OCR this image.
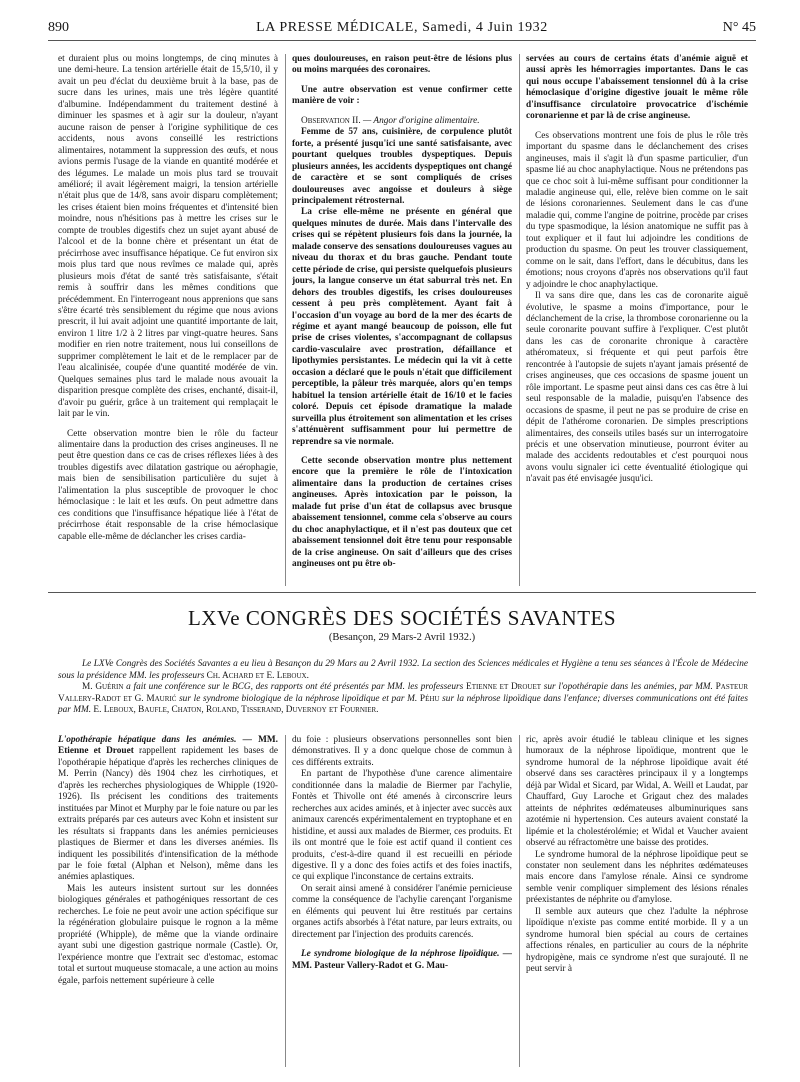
890	LA PRESSE MÉDICALE, Samedi, 4 Juin 1932	N° 45

et duraient plus ou moins longtemps, de cinq minutes à une demi-heure. La tension artérielle était de 15,5/10, il y avait un peu d'éclat du deuxième bruit à la base, pas de sucre dans les urines, mais une très légère quantité d'albumine. Indépendamment du traitement destiné à diminuer les spasmes et à agir sur la douleur, n'ayant aucune raison de penser à l'origine syphilitique de ces accidents, nous avons conseillé les restrictions alimentaires, notamment la suppression des œufs, et nous avions permis l'usage de la viande en quantité modérée et des légumes. Le malade un mois plus tard se trouvait amélioré; il avait légèrement maigri, la tension artérielle n'était plus que de 14/8, sans avoir disparu complètement; les crises étaient bien moins fréquentes et d'intensité bien moindre, nous n'hésitions pas à mettre les crises sur le compte de troubles digestifs chez un sujet ayant abusé de l'alcool et de la bonne chère et présentant un état de précirrhose avec insuffisance hépatique. Ce fut environ six mois plus tard que nous revîmes ce malade qui, après plusieurs mois d'état de santé très satisfaisante, s'était remis à souffrir dans les mêmes conditions que précédemment. En l'interrogeant nous apprenions que sans s'être écarté très sensiblement du régime que nous avions prescrit, il lui avait adjoint une quantité importante de lait, environ 1 litre 1/2 à 2 litres par vingt-quatre heures. Sans modifier en rien notre traitement, nous lui conseillons de supprimer complètement le lait et de le remplacer par de l'eau alcalinisée, coupée d'une quantité modérée de vin. Quelques semaines plus tard le malade nous avouait la disparition presque complète des crises, enchanté, disait-il, d'avoir pu guérir, grâce à un traitement qui remplaçait le lait par le vin.

Cette observation montre bien le rôle du facteur alimentaire dans la production des crises angineuses. Il ne peut être question dans ce cas de crises réflexes liées à des troubles digestifs avec dilatation gastrique ou aérophagie, mais bien de sensibilisation particulière du sujet à l'alimentation la plus susceptible de provoquer le choc hémoclasique : le lait et les œufs. On peut admettre dans ces conditions que l'insuffisance hépatique liée à l'état de précirrhose était responsable de la crise hémoclasique capable elle-même de déclancher les crises cardia-

ques douloureuses, en raison peut-être de lésions plus ou moins marquées des coronaires.

Une autre observation est venue confirmer cette manière de voir :

Observation II. — Angor d'origine alimentaire.

Femme de 57 ans, cuisinière, de corpulence plutôt forte, a présenté jusqu'ici une santé satisfaisante, avec pourtant quelques troubles dyspeptiques. Depuis plusieurs années, les accidents dyspeptiques ont changé de caractère et se sont compliqués de crises douloureuses avec angoisse et douleurs à siège principalement rétrosternal.

La crise elle-même ne présente en général que quelques minutes de durée. Mais dans l'intervalle des crises qui se répètent plusieurs fois dans la journée, la malade conserve des sensations douloureuses vagues au niveau du thorax et du bras gauche. Pendant toute cette période de crise, qui persiste quelquefois plusieurs jours, la langue conserve un état saburral très net. En dehors des troubles digestifs, les crises douloureuses cessent à peu près complètement. Ayant fait à l'occasion d'un voyage au bord de la mer des écarts de régime et ayant mangé beaucoup de poisson, elle fut prise de crises violentes, s'accompagnant de collapsus cardio-vasculaire avec prostration, défaillance et lipothymies persistantes. Le médecin qui la vit à cette occasion a déclaré que le pouls n'était que difficilement perceptible, la pâleur très marquée, alors qu'en temps habituel la tension artérielle était de 16/10 et le facies coloré. Depuis cet épisode dramatique la malade surveilla plus étroitement son alimentation et les crises s'atténuèrent suffisamment pour lui permettre de reprendre sa vie normale.

Cette seconde observation montre plus nettement encore que la première le rôle de l'intoxication alimentaire dans la production de certaines crises angineuses. Après intoxication par le poisson, la malade fut prise d'un état de collapsus avec brusque abaissement tensionnel, comme cela s'observe au cours du choc anaphylactique, et il n'est pas douteux que cet abaissement tensionnel doit être tenu pour responsable de la crise angineuse. On sait d'ailleurs que des crises angineuses ont pu être ob-

servées au cours de certains états d'anémie aiguë et aussi après les hémorragies importantes. Dans le cas qui nous occupe l'abaissement tensionnel dû à la crise hémoclasique d'origine digestive jouait le même rôle d'insuffisance circulatoire provocatrice d'ischémie coronarienne et par là de crise angineuse.

Ces observations montrent une fois de plus le rôle très important du spasme dans le déclanchement des crises angineuses, mais il s'agit là d'un spasme particulier, d'un spasme lié au choc anaphylactique. Nous ne prétendons pas que ce choc soit à lui-même suffisant pour conditionner la maladie angineuse qui, elle, relève bien comme on le sait de lésions coronariennes. Seulement dans le cas d'une maladie qui, comme l'angine de poitrine, procède par crises du type spasmodique, la lésion anatomique ne suffit pas à tout expliquer et il faut lui adjoindre les conditions de production du spasme. On peut les trouver classiquement, comme on le sait, dans l'effort, dans le décubitus, dans les émotions; nous croyons d'après nos observations qu'il faut y adjoindre le choc anaphylactique.

Il va sans dire que, dans les cas de coronarite aiguë évolutive, le spasme a moins d'importance, pour le déclanchement de la crise, la thrombose coronarienne ou la seule coronarite pouvant suffire à l'expliquer. C'est plutôt dans les cas de coronarite chronique à caractère athéromateux, si fréquente et qui peut parfois être rencontrée à l'autopsie de sujets n'ayant jamais présenté de crises angineuses, que ces occasions de spasme jouent un rôle important. Le spasme peut ainsi dans ces cas être à lui seul responsable de la maladie, puisqu'en l'absence des occasions de spasme, il peut ne pas se produire de crise en dépit de l'athérome coronarien. De simples prescriptions alimentaires, des conseils utiles basés sur un interrogatoire précis et une observation minutieuse, pourront éviter au malade des accidents redoutables et c'est pourquoi nous avons voulu signaler ici cette éventualité étiologique qui n'avait pas été envisagée jusqu'ici.

LXVe CONGRÈS DES SOCIÉTÉS SAVANTES
(Besançon, 29 Mars-2 Avril 1932.)

Le LXVe Congrès des Sociétés Savantes a eu lieu à Besançon du 29 Mars au 2 Avril 1932. La section des Sciences médicales et Hygiène a tenu ses séances à l'École de Médecine sous la présidence MM. les professeurs Ch. Achard et E. Leboux.

M. Guérin a fait une conférence sur le BCG, des rapports ont été présentés par MM. les professeurs Etienne et Drouet sur l'opothérapie dans les anémies, par MM. Pasteur Vallery-Radot et G. Maurić sur le syndrome biologique de la néphrose lipoïdique et par M. Péhu sur la néphrose lipoïdique dans l'enfance; diverses communications ont été faites par MM. E. Leboux, Baufle, Chaton, Roland, Tisserand, Duvernoy et Fournier.

L'opothérapie hépatique dans les anémies. — MM. Etienne et Drouet rappellent rapidement les bases de l'opothérapie hépatique d'après les recherches cliniques de M. Perrin (Nancy) dès 1904 chez les cirrhotiques, et d'après les recherches physiologiques de Whipple (1920-1926). Ils précisent les conditions des traitements instituées par Minot et Murphy par le foie nature ou par les extraits préparés par ces auteurs avec Kohn et insistent sur les résultats si frappants dans les anémies pernicieuses plastiques de Biermer et dans les diverses anémies. Ils indiquent les possibilités d'intensification de la méthode par le foie fœtal (Alphan et Nelson), même dans les anémies aplastiques.

Mais les auteurs insistent surtout sur les données biologiques générales et pathogéniques ressortant de ces recherches. Le foie ne peut avoir une action spécifique sur la régénération globulaire puisque le rognon a la même propriété (Whipple), de même que la viande ordinaire ayant subi une digestion gastrique normale (Castle). Or, l'expérience montre que l'extrait sec d'estomac, estomac total et surtout muqueuse stomacale, a une action au moins égale, parfois nettement supérieure à celle

du foie : plusieurs observations personnelles sont bien démonstratives. Il y a donc quelque chose de commun à ces différents extraits.

En partant de l'hypothèse d'une carence alimentaire conditionnée dans la maladie de Biermer par l'achylie, Fontès et Thivolle ont été amenés à circonscrire leurs recherches aux acides aminés, et à injecter avec succès aux animaux carencés expérimentalement en tryptophane et en histidine, et aussi aux malades de Biermer, ces produits. Et ils ont montré que le foie est actif quand il contient ces produits, c'est-à-dire quand il est recueilli en période digestive. Il y a donc des foies actifs et des foies inactifs, ce qui explique l'inconstance de certains extraits.

On serait ainsi amené à considérer l'anémie pernicieuse comme la conséquence de l'achylie carençant l'organisme en éléments qui peuvent lui être restitués par certains organes actifs absorbés à l'état nature, par leurs extraits, ou directement par l'injection des produits carencés.

Le syndrome biologique de la néphrose lipoïdique. — MM. Pasteur Vallery-Radot et G. Mau-

ric, après avoir étudié le tableau clinique et les signes humoraux de la néphrose lipoïdique, montrent que le syndrome humoral de la néphrose lipoïdique avait été observé dans ses caractères principaux il y a longtemps déjà par Widal et Sicard, par Widal, A. Weill et Laudat, par Chauffard, Guy Laroche et Grigaut chez des malades atteints de néphrites œdémateuses albuminuriques sans azotémie ni hypertension. Ces auteurs avaient constaté la lipémie et la cholestérolémie; et Widal et Vaucher avaient observé au réfractomètre une baisse des protides.

Le syndrome humoral de la néphrose lipoïdique peut se constater non seulement dans les néphrites œdémateuses mais encore dans l'amylose rénale. Ainsi ce syndrome semble venir compliquer simplement des lésions rénales préexistantes de néphrite ou d'amylose.

Il semble aux auteurs que chez l'adulte la néphrose lipoïdique n'existe pas comme entité morbide. Il y a un syndrome humoral bien spécial au cours de certaines affections rénales, en particulier au cours de la néphrite hydropigène, mais ce syndrome n'est que surajouté. Il ne peut servir à
